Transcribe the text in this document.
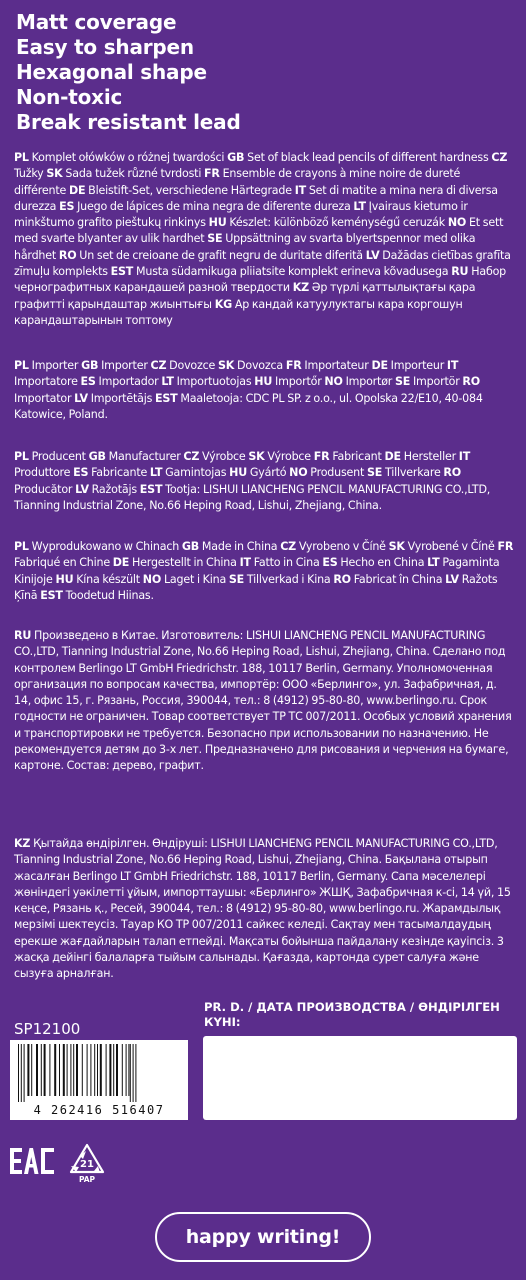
Matt coverage
Easy to sharpen
Hexagonal shape
Non-toxic
Break resistant lead
PL Komplet ołówków o różnej twardości GB Set of black lead pencils of different hardness CZ Tužky SK Sada tužek různé tvrdosti FR Ensemble de crayons à mine noire de dureté différente DE Bleistift-Set, verschiedene Härtegrade IT Set di matite a mina nera di diversa durezza ES Juego de lápices de mina negra de diferente dureza LT Įvairaus kietumo ir minkštumo grafito pieštukų rinkinys HU Készlet: különböző keménységű ceruzák NO Et sett med svarte blyanter av ulik hardhet SE Uppsättning av svarta blyertspennor med olika hårdhet RO Un set de creioane de grafit negru de duritate diferită LV Dažādas cietības grafīta zīmuļu komplekts EST Musta südamikuga pliiatsite komplekt erineva kõvadusega RU Набор чернографитных карандашей разной твердости KZ Әр түрлі қаттылықтағы қара графитті қарындаштар жиынтығы KG Ар кандай катуулуктагы кара коргошун карандаштарынын топтому
PL Importer GB Importer CZ Dovozce SK Dovozca FR Importateur DE Importeur IT Importatore ES Importador LT Importuotojas HU Importőr NO Importør SE Importör RO Importator LV Importētājs EST Maaletooja: CDC PL SP. z o.o., ul. Opolska 22/E10, 40-084 Katowice, Poland.
PL Producent GB Manufacturer CZ Výrobce SK Výrobce FR Fabricant DE Hersteller IT Produttore ES Fabricante LT Gamintojas HU Gyártó NO Produsent SE Tillverkare RO Producător LV Ražotājs EST Tootja: LISHUI LIANCHENG PENCIL MANUFACTURING CO.,LTD, Tianning Industrial Zone, No.66 Heping Road, Lishui, Zhejiang, China.
PL Wyprodukowano w Chinach GB Made in China CZ Vyrobeno v Číně SK Vyrobené v Číně FR Fabriqué en Chine DE Hergestellt in China IT Fatto in Cina ES Hecho en China LT Pagaminta Kinijoje HU Kína készült NO Laget i Kina SE Tillverkad i Kina RO Fabricat în China LV Ražots Ķīnā EST Toodetud Hiinas.
RU Произведено в Китае. Изготовитель: LISHUI LIANCHENG PENCIL MANUFACTURING CO.,LTD, Tianning Industrial Zone, No.66 Heping Road, Lishui, Zhejiang, China. Сделано под контролем Berlingo LT GmbH Friedrichstr. 188, 10117 Berlin, Germany. Уполномоченная организация по вопросам качества, импортёр: ООО «Берлинго», ул. Зафабричная, д. 14, офис 15, г. Рязань, Россия, 390044, тел.: 8 (4912) 95-80-80, www.berlingo.ru. Срок годности не ограничен. Товар соответствует ТР ТС 007/2011. Особых условий хранения и транспортировки не требуется. Безопасно при использовании по назначению. Не рекомендуется детям до 3-х лет. Предназначено для рисования и черчения на бумаге, картоне. Состав: дерево, графит.
KZ Қытайда өндірілген. Өндіруші: LISHUI LIANCHENG PENCIL MANUFACTURING CO.,LTD, Tianning Industrial Zone, No.66 Heping Road, Lishui, Zhejiang, China. Бақылана отырып жасалған Berlingo LT GmbH Friedrichstr. 188, 10117 Berlin, Germany. Сапа мәселелері жөніндегі уәкілетті ұйым, импорттаушы: «Берлинго» ЖШҚ, Зафабричная к-сі, 14 үй, 15 кеңсе, Рязань қ., Ресей, 390044, тел.: 8 (4912) 95-80-80, www.berlingo.ru. Жарамдылық мерзімі шектеусіз. Тауар КО ТР 007/2011 сайкес келеді. Сақтау мен тасымалдаудың ерекше жағдайларын талап етпейді. Мақсаты бойынша пайдалану кезінде қауіпсіз. 3 жасқа дейінгі балаларға тыйым салынады. Қағазда, картонда сурет салуға және сызуға арналған.
SP12100
4 262416 516407
PR. D. / ДАТА ПРОИЗВОДСТВА / ӨНДІРІЛГЕН КҮНІ:
21
PAP
happy writing!
